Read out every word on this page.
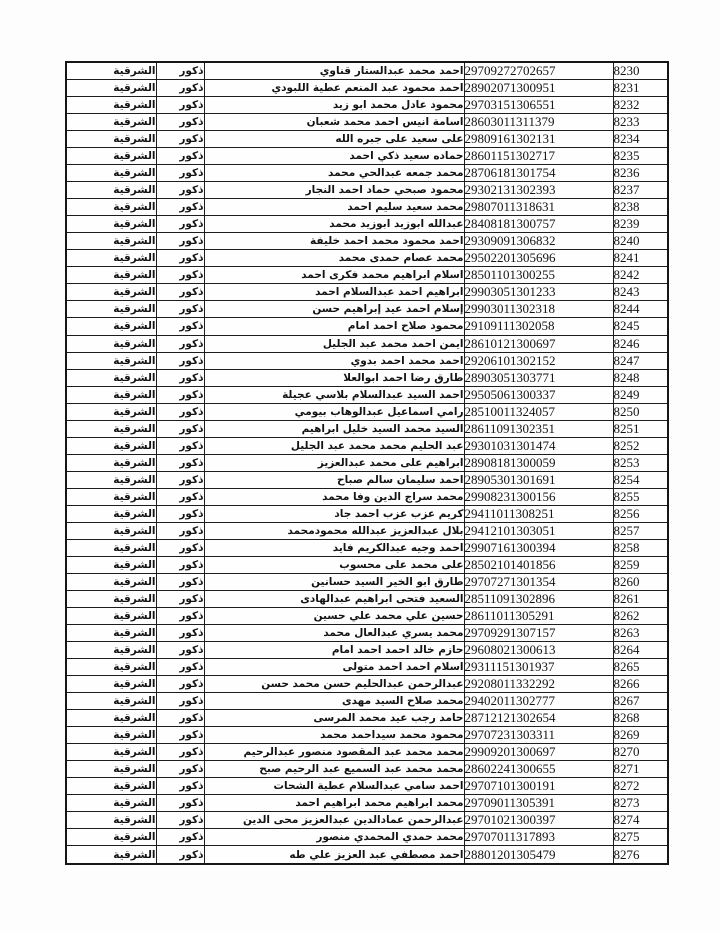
8230	29709272702657	احمد محمد عبدالستار قناوي	ذكور	الشرقية
8231	28902071300951	احمد محمود عبد المنعم عطية اللبودي	ذكور	الشرقية
8232	29703151306551	محمود عادل محمد ابو زيد	ذكور	الشرقية
8233	28603011311379	اسامة انيس احمد محمد شعبان	ذكور	الشرقية
8234	29809161302131	على سعيد على جبره الله	ذكور	الشرقية
8235	28601151302717	حماده سعيد ذكي احمد	ذكور	الشرقية
8236	28706181301754	محمد جمعه عبدالحي محمد	ذكور	الشرقية
8237	29302131302393	محمود صبحي حماد احمد النجار	ذكور	الشرقية
8238	29807011318631	محمد سعيد سليم احمد	ذكور	الشرقية
8239	28408181300757	عبدالله ابوزيد ابوزيد محمد	ذكور	الشرقية
8240	29309091306832	احمد محمود محمد احمد خليفة	ذكور	الشرقية
8241	29502201305696	محمد عصام حمدى محمد	ذكور	الشرقية
8242	28501101300255	اسلام ابراهيم محمد فكرى احمد	ذكور	الشرقية
8243	29903051301233	ابراهيم احمد عبدالسلام احمد	ذكور	الشرقية
8244	29903011302318	إسلام احمد عيد إبراهيم حسن	ذكور	الشرقية
8245	29109111302058	محمود صلاح احمد امام	ذكور	الشرقية
8246	28610121300697	ايمن احمد محمد عبد الجليل	ذكور	الشرقية
8247	29206101302152	احمد محمد احمد بدوي	ذكور	الشرقية
8248	28903051303771	طارق رضا احمد ابوالعلا	ذكور	الشرقية
8249	29505061300337	احمد السيد عبدالسلام بلاسي عجيلة	ذكور	الشرقية
8250	28510011324057	رامي اسماعيل عبدالوهاب بيومي	ذكور	الشرقية
8251	28611091302351	السيد محمد السيد خليل ابراهيم	ذكور	الشرقية
8252	29301031301474	عبد الحليم محمد محمد عبد الجليل	ذكور	الشرقية
8253	28908181300059	ابراهيم على محمد عبدالعزيز	ذكور	الشرقية
8254	28905301301691	احمد سليمان سالم صباح	ذكور	الشرقية
8255	29908231300156	محمد سراج الدين وفا محمد	ذكور	الشرقية
8256	29411011308251	كريم عزب عزب احمد جاد	ذكور	الشرقية
8257	29412101303051	بلال عبدالعزيز عبدالله محمودمحمد	ذكور	الشرقية
8258	29907161300394	احمد وجيه عبدالكريم فايد	ذكور	الشرقية
8259	28502101401856	على محمد على محسوب	ذكور	الشرقية
8260	29707271301354	طارق ابو الخير السيد حسانين	ذكور	الشرقية
8261	28511091302896	السعيد فتحى ابراهيم عبدالهادى	ذكور	الشرقية
8262	28611011305291	حسين علي محمد علي حسين	ذكور	الشرقية
8263	29709291307157	محمد يسري عبدالعال محمد	ذكور	الشرقية
8264	29608021300613	حازم خالد احمد احمد امام	ذكور	الشرقية
8265	29311151301937	اسلام احمد احمد متولى	ذكور	الشرقية
8266	29208011332292	عبدالرحمن عبدالحليم حسن محمد حسن	ذكور	الشرقية
8267	29402011302777	محمد صلاح السيد مهدى	ذكور	الشرقية
8268	28712121302654	حامد رجب عيد محمد المرسى	ذكور	الشرقية
8269	29707231303311	محمود محمد سيداحمد محمد	ذكور	الشرقية
8270	29909201300697	محمد محمد عبد المقصود منصور عبدالرحيم	ذكور	الشرقية
8271	28602241300655	محمد محمد عبد السميع عبد الرحيم صبح	ذكور	الشرقية
8272	29707101300191	احمد سامي عبدالسلام عطية الشحات	ذكور	الشرقية
8273	29709011305391	محمد ابراهيم محمد ابراهيم احمد	ذكور	الشرقية
8274	29701021300397	عبدالرحمن عمادالدين عبدالعزيز محى الدين	ذكور	الشرقية
8275	29707011317893	محمد حمدي المحمدي منصور	ذكور	الشرقية
8276	28801201305479	احمد مصطفي عبد العزيز علي طه	ذكور	الشرقية
